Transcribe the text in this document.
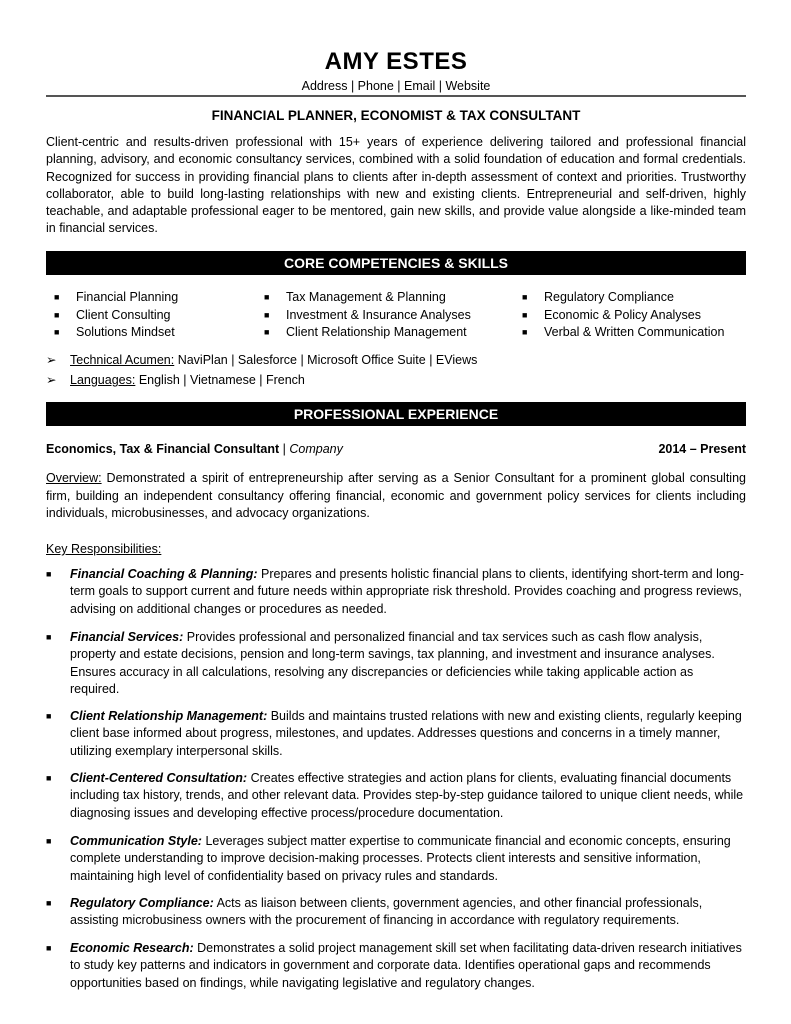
AMY ESTES
Address | Phone | Email | Website
FINANCIAL PLANNER, ECONOMIST & TAX CONSULTANT
Client-centric and results-driven professional with 15+ years of experience delivering tailored and professional financial planning, advisory, and economic consultancy services, combined with a solid foundation of education and formal credentials. Recognized for success in providing financial plans to clients after in-depth assessment of context and priorities. Trustworthy collaborator, able to build long-lasting relationships with new and existing clients. Entrepreneurial and self-driven, highly teachable, and adaptable professional eager to be mentored, gain new skills, and provide value alongside a like-minded team in financial services.
CORE COMPETENCIES & SKILLS
■ Financial Planning
■ Client Consulting
■ Solutions Mindset
■ Tax Management & Planning
■ Investment & Insurance Analyses
■ Client Relationship Management
■ Regulatory Compliance
■ Economic & Policy Analyses
■ Verbal & Written Communication
➢ Technical Acumen: NaviPlan | Salesforce | Microsoft Office Suite | EViews
➢ Languages: English | Vietnamese | French
PROFESSIONAL EXPERIENCE
Economics, Tax & Financial Consultant | Company	2014 – Present
Overview: Demonstrated a spirit of entrepreneurship after serving as a Senior Consultant for a prominent global consulting firm, building an independent consultancy offering financial, economic and government policy services for clients including individuals, microbusinesses, and advocacy organizations.
Key Responsibilities:
■ Financial Coaching & Planning: Prepares and presents holistic financial plans to clients, identifying short-term and long-term goals to support current and future needs within appropriate risk threshold. Provides coaching and progress reviews, advising on additional changes or procedures as needed.
■ Financial Services: Provides professional and personalized financial and tax services such as cash flow analysis, property and estate decisions, pension and long-term savings, tax planning, and investment and insurance analyses. Ensures accuracy in all calculations, resolving any discrepancies or deficiencies while taking applicable action as required.
■ Client Relationship Management: Builds and maintains trusted relations with new and existing clients, regularly keeping client base informed about progress, milestones, and updates. Addresses questions and concerns in a timely manner, utilizing exemplary interpersonal skills.
■ Client-Centered Consultation: Creates effective strategies and action plans for clients, evaluating financial documents including tax history, trends, and other relevant data. Provides step-by-step guidance tailored to unique client needs, while diagnosing issues and developing effective process/procedure documentation.
■ Communication Style: Leverages subject matter expertise to communicate financial and economic concepts, ensuring complete understanding to improve decision-making processes. Protects client interests and sensitive information, maintaining high level of confidentiality based on privacy rules and standards.
■ Regulatory Compliance: Acts as liaison between clients, government agencies, and other financial professionals, assisting microbusiness owners with the procurement of financing in accordance with regulatory requirements.
■ Economic Research: Demonstrates a solid project management skill set when facilitating data-driven research initiatives to study key patterns and indicators in government and corporate data. Identifies operational gaps and recommends opportunities based on findings, while navigating legislative and regulatory changes.
